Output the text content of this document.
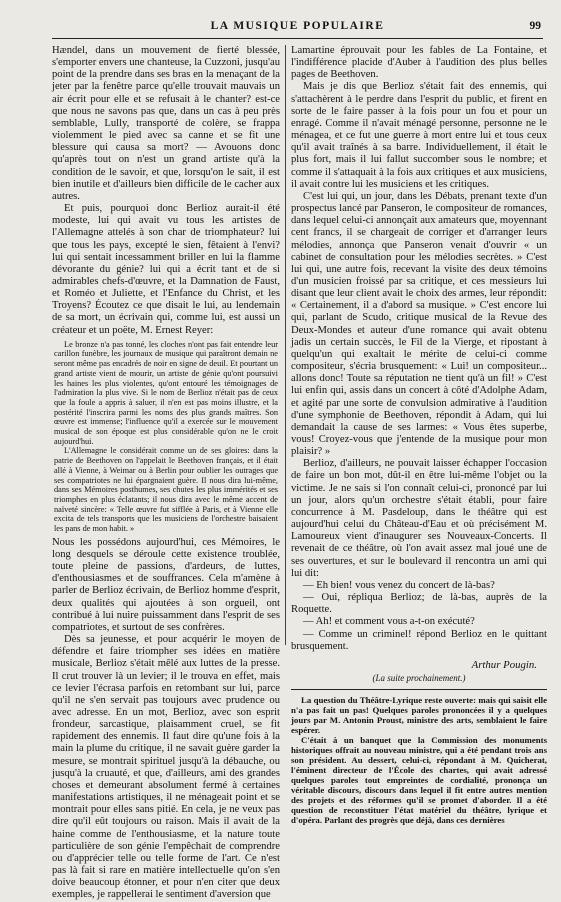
LA MUSIQUE POPULAIRE	99

Hændel, dans un mouvement de fierté blessée, s'emporter envers une chanteuse, la Cuzzoni, jusqu'au point de la prendre dans ses bras en la menaçant de la jeter par la fenêtre parce qu'elle trouvait mauvais un air écrit pour elle et se refusait à le chanter? est-ce que nous ne savons pas que, dans un cas à peu près semblable, Lully, transporté de colère, se frappa violemment le pied avec sa canne et se fit une blessure qui causa sa mort? — Avouons donc qu'après tout on n'est un grand artiste qu'à la condition de le savoir, et que, lorsqu'on le sait, il est bien inutile et d'ailleurs bien difficile de le cacher aux autres.

Et puis, pourquoi donc Berlioz aurait-il été modeste, lui qui avait vu tous les artistes de l'Allemagne attelés à son char de triomphateur? lui que tous les pays, excepté le sien, fêtaient à l'envi? lui qui sentait incessamment briller en lui la flamme dévorante du génie? lui qui a écrit tant et de si admirables chefs-d'œuvre, et la Damnation de Faust, et Roméo et Juliette, et l'Enfance du Christ, et les Troyens? Écoutez ce que disait le lui, au lendemain de sa mort, un écrivain qui, comme lui, est aussi un créateur et un poëte, M. Ernest Reyer:

Le bronze n'a pas tonné, les cloches n'ont pas fait entendre leur carillon funèbre, les journaux de musique qui paraîtront demain ne seront même pas encadrés de noir en signe de deuil. Et pourtant un grand artiste vient de mourir, un artiste de génie qu'ont poursuivi les haines les plus violentes, qu'ont entouré les témoignages de l'admiration la plus vive. Si le nom de Berlioz n'était pas de ceux que la foule a appris à saluer, il n'en est pas moins illustre, et la postérité l'inscrira parmi les noms des plus grands maîtres. Son œuvre est immense; l'influence qu'il a exercée sur le mouvement musical de son époque est plus considérable qu'on ne le croit aujourd'hui.

L'Allemagne le considérait comme un de ses gloires: dans la patrie de Beethoven on l'appelait le Beethoven français, et il était allé à Vienne, à Weimar ou à Berlin pour oublier les outrages que ses compatriotes ne lui épargnaient guère. Il nous dira lui-même, dans ses Mémoires posthumes, ses chutes les plus immérités et ses triomphes en plus éclatants; il nous dira avec le même accent de naïveté sincère: « Telle œuvre fut sifflée à Paris, et à Vienne elle excita de tels transports que les musiciens de l'orchestre baisaient les pans de mon habit. »

Nous les possédons aujourd'hui, ces Mémoires, le long desquels se déroule cette existence troublée, toute pleine de passions, d'ardeurs, de luttes, d'enthousiasmes et de souffrances. Cela m'amène à parler de Berlioz écrivain, de Berlioz homme d'esprit, deux qualités qui ajoutées à son orgueil, ont contribué à lui nuire puissamment dans l'esprit de ses compatriotes, et surtout de ses confrères.

Dès sa jeunesse, et pour acquérir le moyen de défendre et faire triompher ses idées en matière musicale, Berlioz s'était mêlé aux luttes de la presse. Il crut trouver là un levier; il le trouva en effet, mais ce levier l'écrasa parfois en retombant sur lui, parce qu'il ne s'en servait pas toujours avec prudence ou avec adresse. En un mot, Berlioz, avec son esprit frondeur, sarcastique, plaisamment cruel, se fit rapidement des ennemis. Il faut dire qu'une fois à la main la plume du critique, il ne savait guère garder la mesure, se montrait spirituel jusqu'à la débauche, ou jusqu'à la cruauté, et que, d'ailleurs, ami des grandes choses et demeurant absolument fermé à certaines manifestations artistiques, il ne ménageait point et se montrait pour elles sans pitié. En cela, je ne veux pas dire qu'il eût toujours ou raison. Mais il avait de la haine comme de l'enthousiasme, et la nature toute particulière de son génie l'empêchait de comprendre ou d'apprécier telle ou telle forme de l'art. Ce n'est pas là fait si rare en matière intellectuelle qu'on s'en doive beaucoup étonner, et pour n'en citer que deux exemples, je rappellerai le sentiment d'aversion que

Lamartine éprouvait pour les fables de La Fontaine, et l'indifférence placide d'Auber à l'audition des plus belles pages de Beethoven.

Mais je dis que Berlioz s'était fait des ennemis, qui s'attachèrent à le perdre dans l'esprit du public, et firent en sorte de le faire passer à la fois pour un fou et pour un enragé. Comme il n'avait ménagé personne, personne ne le ménagea, et ce fut une guerre à mort entre lui et tous ceux qu'il avait traînés à sa barre. Individuellement, il était le plus fort, mais il lui fallut succomber sous le nombre; et comme il s'attaquait à la fois aux critiques et aux musiciens, il avait contre lui les musiciens et les critiques.

C'est lui qui, un jour, dans les Débats, prenant texte d'un prospectus lancé par Panseron, le compositeur de romances, dans lequel celui-ci annonçait aux amateurs que, moyennant cent francs, il se chargeait de corriger et d'arranger leurs mélodies, annonça que Panseron venait d'ouvrir « un cabinet de consultation pour les mélodies secrètes. » C'est lui qui, une autre fois, recevant la visite des deux témoins d'un musicien froissé par sa critique, et ces messieurs lui disant que leur client avait le choix des armes, leur répondit: « Certainement, il a d'abord sa musique. » C'est encore lui qui, parlant de Scudo, critique musical de la Revue des Deux-Mondes et auteur d'une romance qui avait obtenu jadis un certain succès, le Fil de la Vierge, et ripostant à quelqu'un qui exaltait le mérite de celui-ci comme compositeur, s'écria brusquement: « Lui! un compositeur... allons donc! Toute sa réputation ne tient qu'à un fil! » C'est lui enfin qui, assis dans un concert à côté d'Adolphe Adam, et agité par une sorte de convulsion admirative à l'audition d'une symphonie de Beethoven, répondit à Adam, qui lui demandait la cause de ses larmes: « Vous êtes superbe, vous! Croyez-vous que j'entende de la musique pour mon plaisir? »

Berlioz, d'ailleurs, ne pouvait laisser échapper l'occasion de faire un bon mot, dût-il en être lui-même l'objet ou la victime. Je ne sais si l'on connaît celui-ci, prononcé par lui un jour, alors qu'un orchestre s'était établi, pour faire concurrence à M. Pasdeloup, dans le théâtre qui est aujourd'hui celui du Château-d'Eau et où précisément M. Lamoureux vient d'inaugurer ses Nouveaux-Concerts. Il revenait de ce théâtre, où l'on avait assez mal joué une de ses ouvertures, et sur le boulevard il rencontra un ami qui lui dit:

— Eh bien! vous venez du concert de là-bas?

— Oui, répliqua Berlioz; de là-bas, auprès de la Roquette.

— Ah! et comment vous a-t-on exécuté?

— Comme un criminel! répond Berlioz en le quittant brusquement.

Arthur Pougin.
(La suite prochainement.)

La question du Théâtre-Lyrique reste ouverte: mais qui saisit elle n'a pas fait un pas! Quelques paroles prononcées il y a quelques jours par M. Antonin Proust, ministre des arts, semblaient le faire espérer.

C'était à un banquet que la Commission des monuments historiques offrait au nouveau ministre, qui a été pendant trois ans son président. Au dessert, celui-ci, répondant à M. Quicherat, l'éminent directeur de l'École des chartes, qui avait adressé quelques paroles tout empreintes de cordialité, prononça un véritable discours, discours dans lequel il fit entre autres mention des projets et des réformes qu'il se promet d'aborder. Il a été question de reconstituer l'état matériel du théâtre, lyrique et d'opéra. Parlant des progrès que déjà, dans ces dernières
